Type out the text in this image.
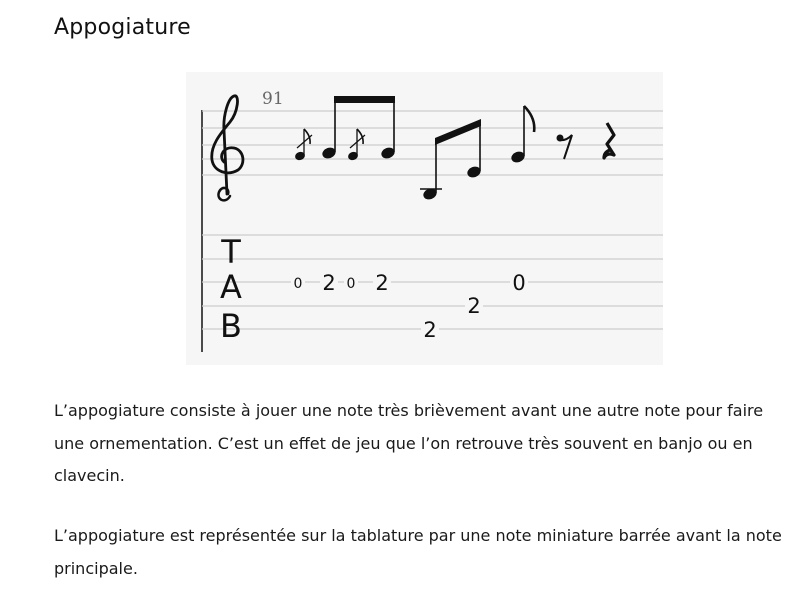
Appogiature
91
T
A
B
0 2 0 2
2
2
0

L’appogiature consiste à jouer une note très brièvement avant une autre note pour faire une ornementation. C’est un effet de jeu que l’on retrouve très souvent en banjo ou en clavecin.

L’appogiature est représentée sur la tablature par une note miniature barrée avant la note principale.
